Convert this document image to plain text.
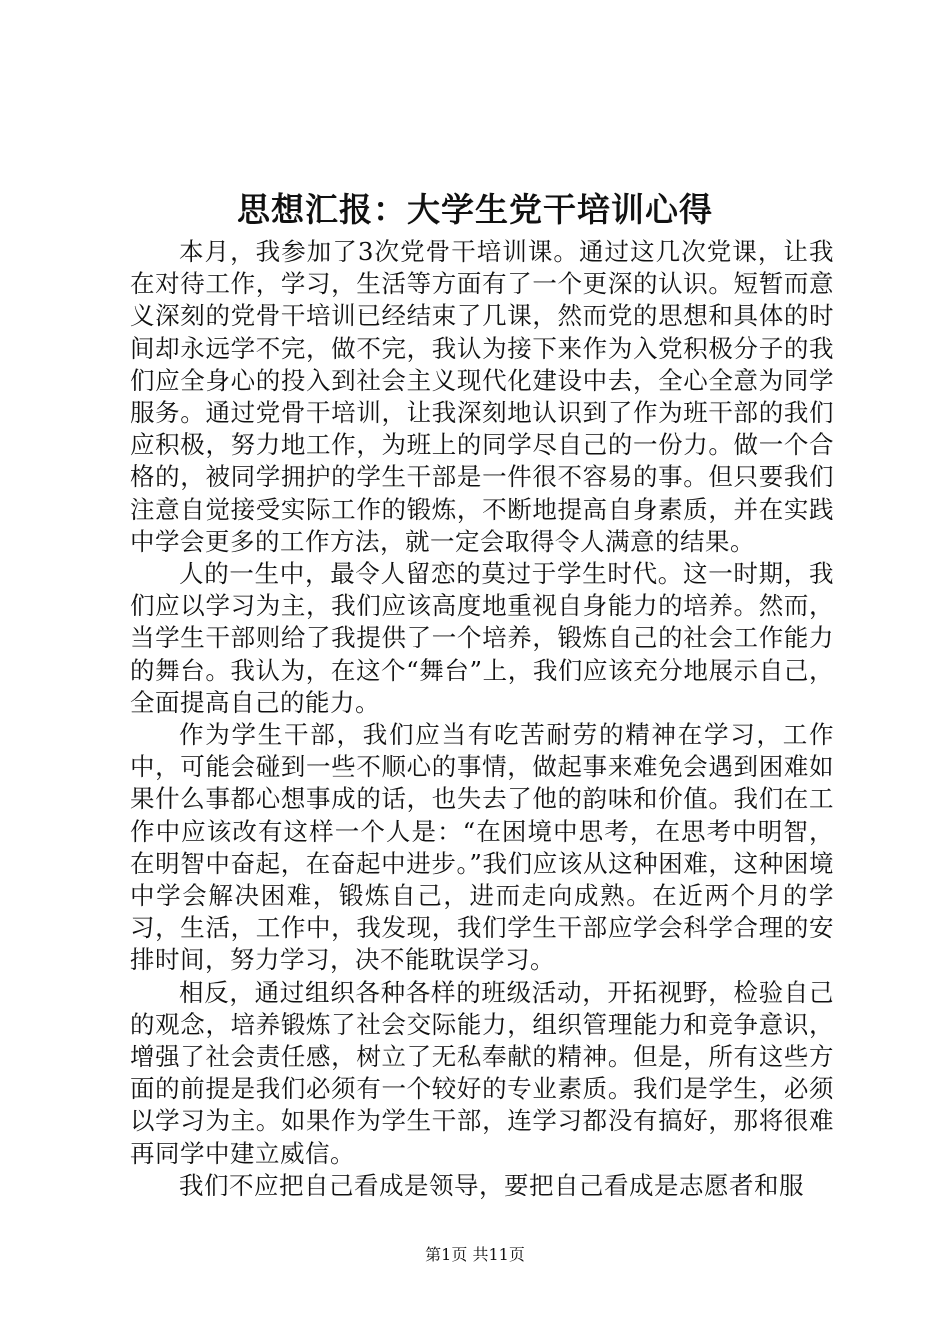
思想汇报：大学生党干培训心得

本月，我参加了3次党骨干培训课。通过这几次党课，让我在对待工作，学习，生活等方面有了一个更深的认识。短暂而意义深刻的党骨干培训已经结束了几课，然而党的思想和具体的时间却永远学不完，做不完，我认为接下来作为入党积极分子的我们应全身心的投入到社会主义现代化建设中去，全心全意为同学服务。通过党骨干培训，让我深刻地认识到了作为班干部的我们应积极，努力地工作，为班上的同学尽自己的一份力。做一个合格的，被同学拥护的学生干部是一件很不容易的事。但只要我们注意自觉接受实际工作的锻炼，不断地提高自身素质，并在实践中学会更多的工作方法，就一定会取得令人满意的结果。

人的一生中，最令人留恋的莫过于学生时代。这一时期，我们应以学习为主，我们应该高度地重视自身能力的培养。然而，当学生干部则给了我提供了一个培养，锻炼自己的社会工作能力的舞台。我认为，在这个“舞台”上，我们应该充分地展示自己，全面提高自己的能力。

作为学生干部，我们应当有吃苦耐劳的精神在学习，工作中，可能会碰到一些不顺心的事情，做起事来难免会遇到困难如果什么事都心想事成的话，也失去了他的韵味和价值。我们在工作中应该改有这样一个人是：“在困境中思考，在思考中明智，在明智中奋起，在奋起中进步。”我们应该从这种困难，这种困境中学会解决困难，锻炼自己，进而走向成熟。在近两个月的学习，生活，工作中，我发现，我们学生干部应学会科学合理的安排时间，努力学习，决不能耽误学习。

相反，通过组织各种各样的班级活动，开拓视野，检验自己的观念，培养锻炼了社会交际能力，组织管理能力和竞争意识，增强了社会责任感，树立了无私奉献的精神。但是，所有这些方面的前提是我们必须有一个较好的专业素质。我们是学生，必须以学习为主。如果作为学生干部，连学习都没有搞好，那将很难再同学中建立威信。

我们不应把自己看成是领导，要把自己看成是志愿者和服

第1页 共11页
